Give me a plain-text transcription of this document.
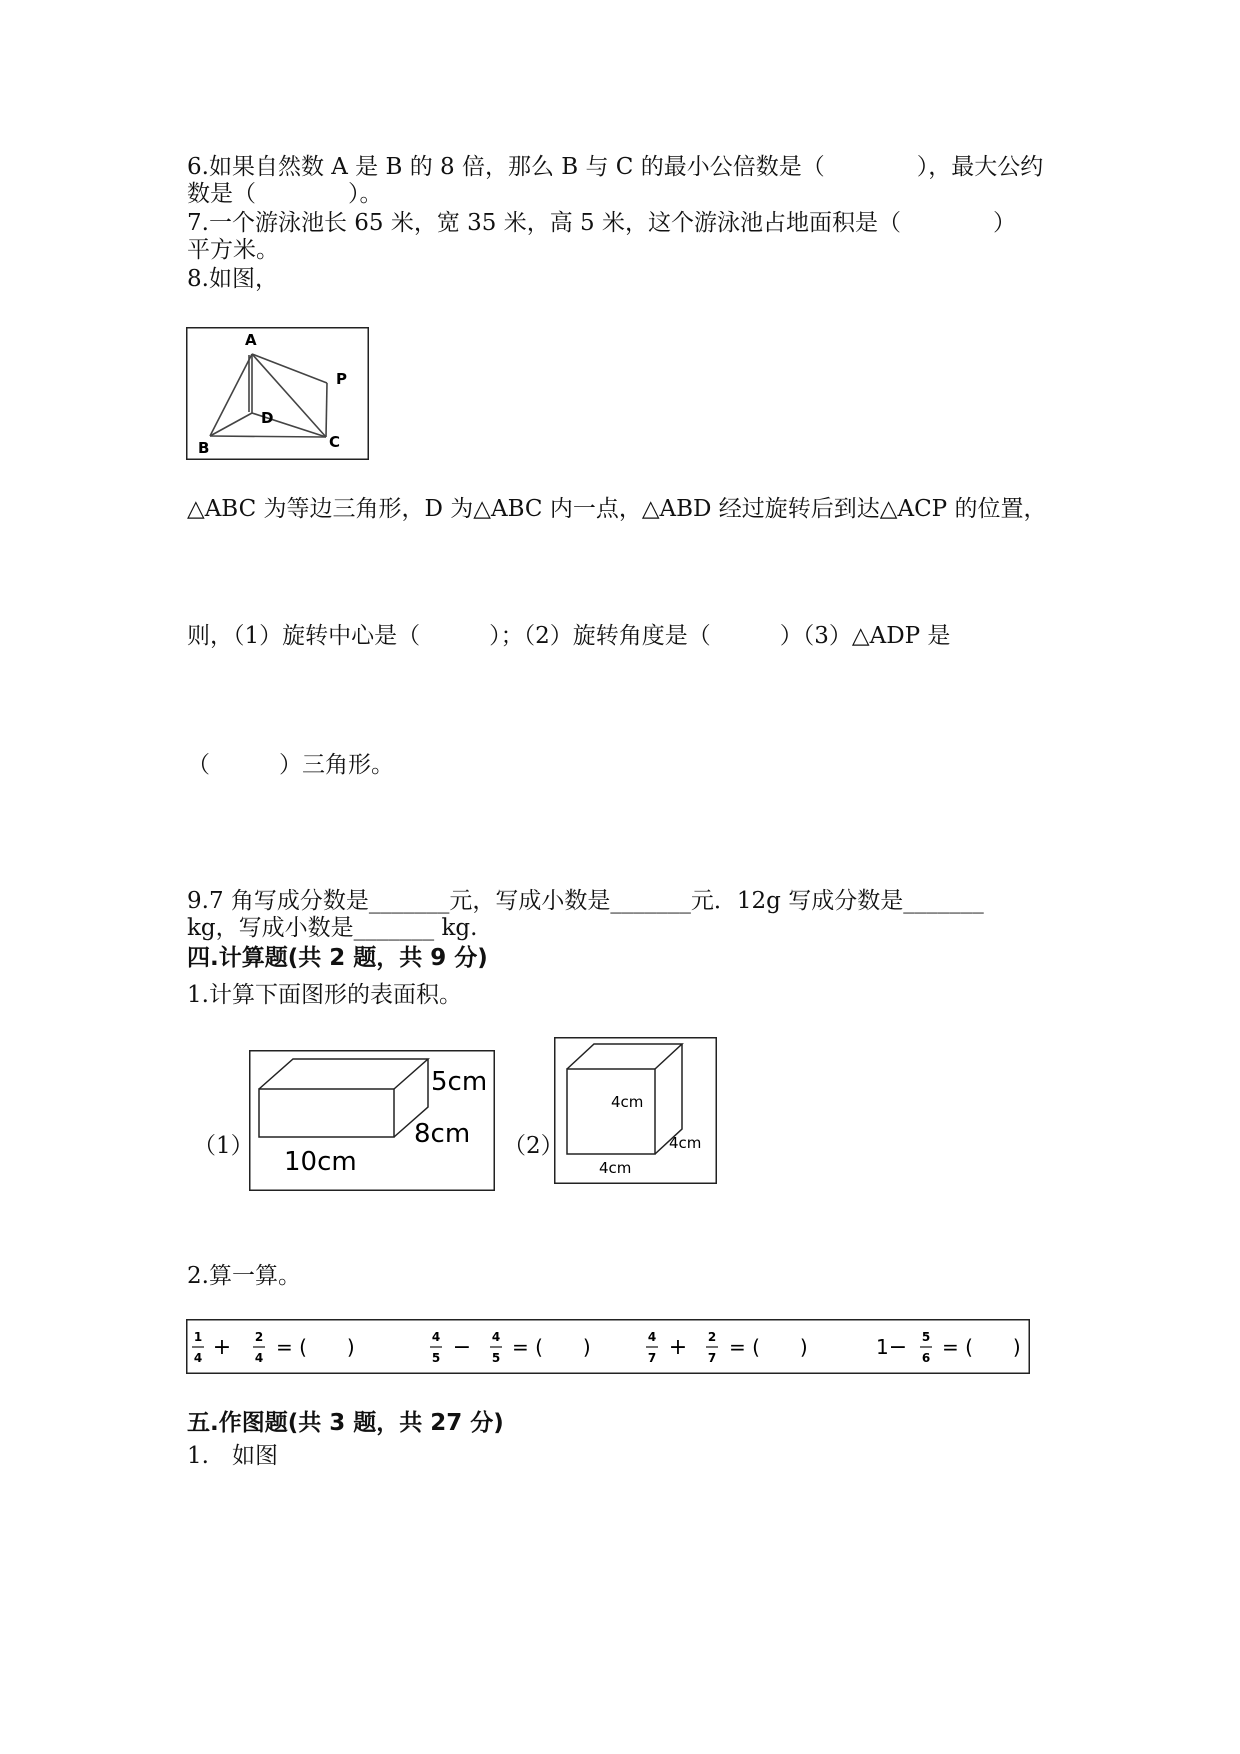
6.如果自然数 A 是 B 的 8 倍，那么 B 与 C 的最小公倍数是（　　　　），最大公约
数是（　　　　）。
7.一个游泳池长 65 米，宽 35 米，高 5 米，这个游泳池占地面积是（　　　　）
平方米。
8.如图，
A
B	C
D
P
△ABC 为等边三角形，D 为△ABC 内一点，△ABD 经过旋转后到达△ACP 的位置，
则，（1）旋转中心是（　　　）；（2）旋转角度是（　　　）（3）△ADP 是
（　　　）三角形。
9.7 角写成分数是_______元，写成小数是_______元．12g 写成分数是_______
kg，写成小数是_______ kg.
四.计算题(共 2 题，共 9 分)
1.计算下面图形的表面积。
（1）
5cm
8cm
10cm
（2）
4cm
4cm
4cm
2.算一算。
1
4 + 2
4 = (　　)	4
5 − 4
5 = (　　)	4
7 + 2
7 = (　　)	1 − 5
6 = (　　)
五.作图题(共 3 题，共 27 分)
1.　如图
